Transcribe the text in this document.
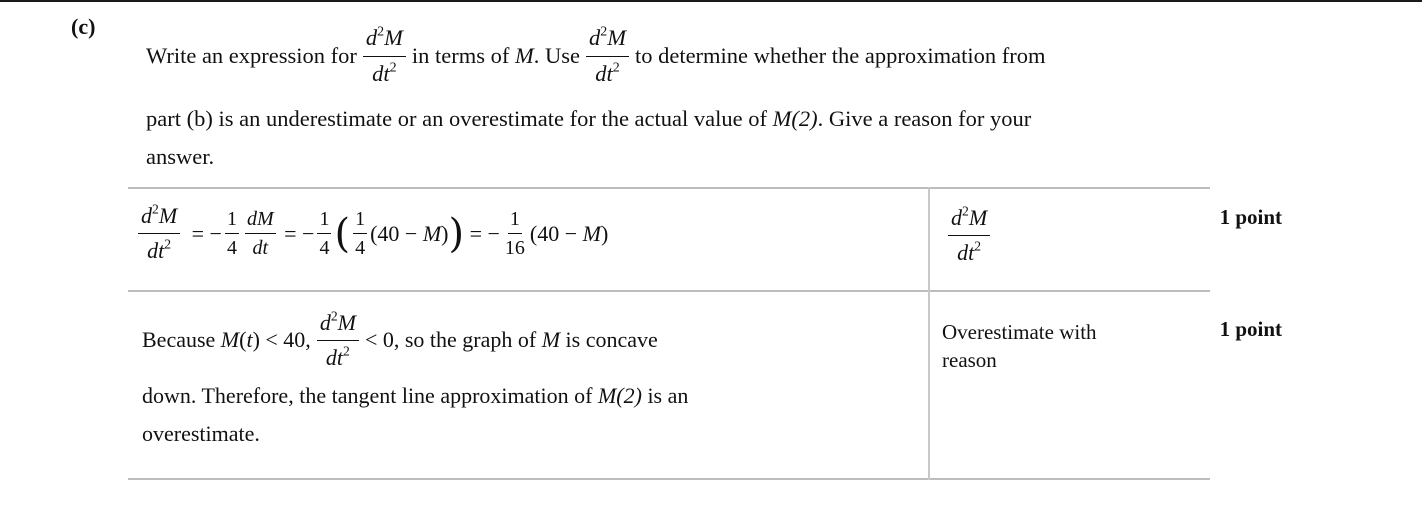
(c)
Write an expression for $\frac{d^2M}{dt^2}$ in terms of
M . Use $\frac{d^2M}{dt^2}$ to determine whether the approximation from
part (b) is an underestimate or an overestimate for the actual value of M(2). Give a reason for your
answer.
$\frac{d^2M}{dt^2}$ = − $\frac{1}{4} \frac{dM}{dt}$ = − $\frac{1}{4}$ ( $\frac{1}{4} (40 - M)$ ) = − $\frac{1}{16} (40 - M)$	$\frac{d^2M}{dt^2}$	1 point
Because
M (t) < 40, $\frac{d^2M}{dt^2} < 0$, so the graph of
M
is concave
down. Therefore, the tangent line approximation of M(2) is an
overestimate.
Overestimate with
reason
1 point
